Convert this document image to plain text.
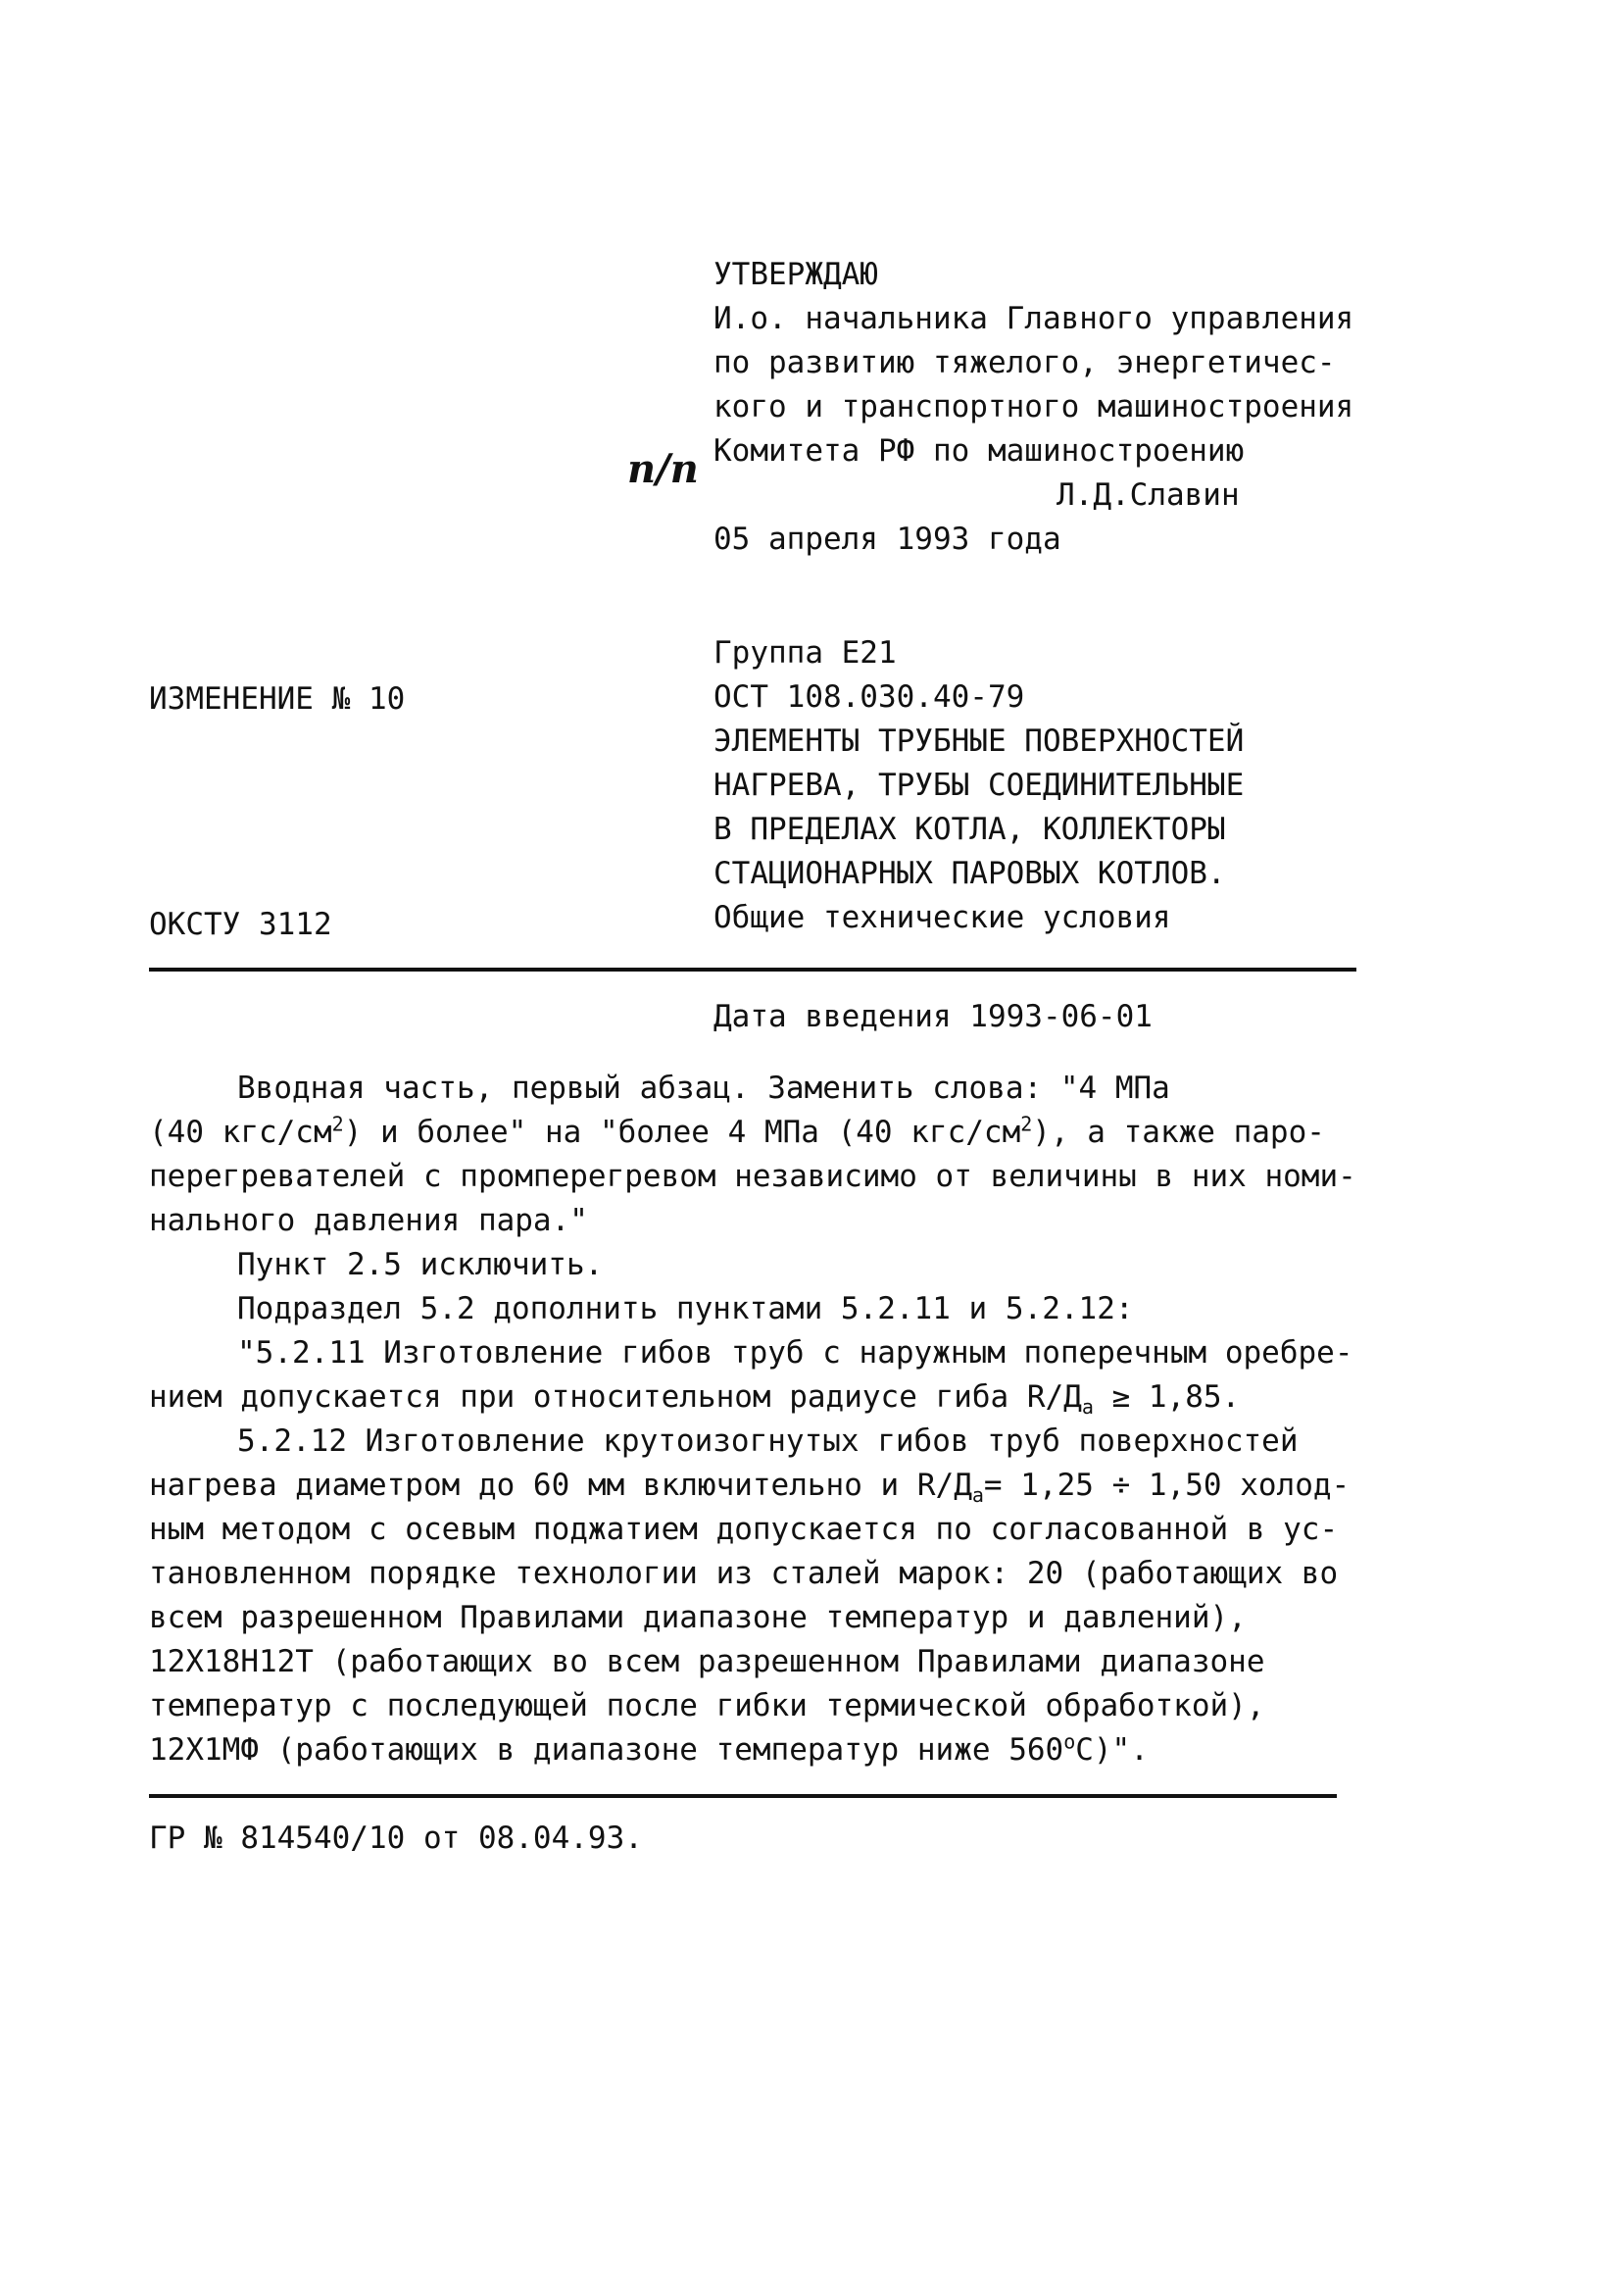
УТВЕРЖДАЮ
И.о. начальника Главного управления
по развитию тяжелого, энергетичес-
кого и транспортного машиностроения
Комитета РФ по машиностроению
Л.Д.Славин
05 апреля 1993 года
п/п
Группа Е21
ОСТ 108.030.40-79
ЭЛЕМЕНТЫ ТРУБНЫЕ ПОВЕРХНОСТЕЙ
НАГРЕВА, ТРУБЫ СОЕДИНИТЕЛЬНЫЕ
В ПРЕДЕЛАХ КОТЛА, КОЛЛЕКТОРЫ
СТАЦИОНАРНЫХ ПАРОВЫХ КОТЛОВ.
Общие технические условия
ИЗМЕНЕНИЕ № 10
ОКСТУ 3112
Дата введения 1993-06-01
Вводная часть, первый абзац. Заменить слова: "4 МПа
(40 кгс/$см^2$) и более" на "более 4 МПа (40 кгс/$см^2$), а также паро-
перегревателей с промперегревом независимо от величины в них номи-
нального давления пара."
Пункт 2.5 исключить.
Подраздел 5.2 дополнить пунктами 5.2.11 и 5.2.12:
"5.2.11 Изготовление гибов труб с наружным поперечным оребре-
нием допускается при относительном радиусе гиба $R/Д_а \ge 1,85$.
5.2.12 Изготовление крутоизогнутых гибов труб поверхностей
нагрева диаметром до 60 мм включительно и $R/Д_а= 1,25 \div 1,50$ холод-
ным методом с осевым поджатием допускается по согласованной в ус-
тановленном порядке технологии из сталей марок: 20 (работающих во
всем разрешенном Правилами диапазоне температур и давлений),
12Х18Н12Т (работающих во всем разрешенном Правилами диапазоне
температур с последующей после гибки термической обработкой),
12Х1МФ (работающих в диапазоне температур ниже $560^оС$)".
ГР № 814540/10 от 08.04.93.
